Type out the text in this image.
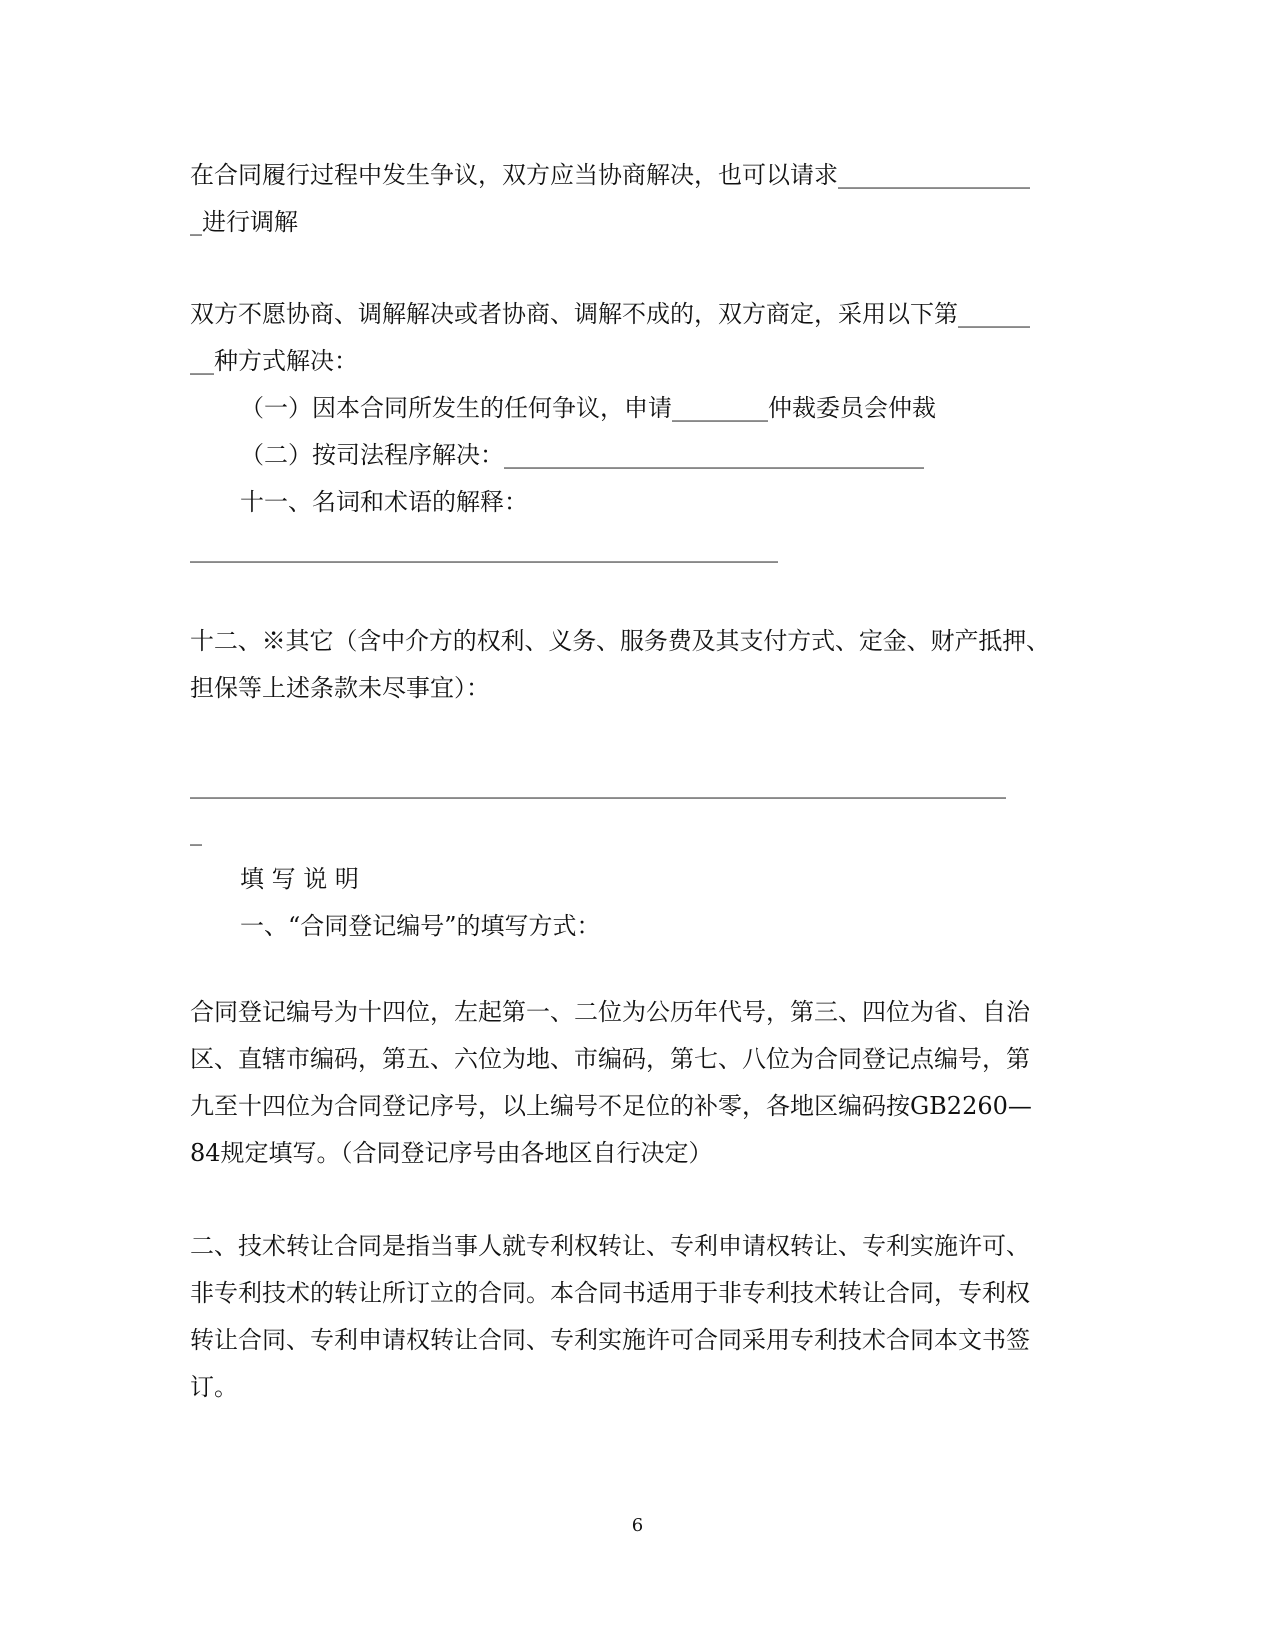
在合同履行过程中发生争议，双方应当协商解决，也可以请求________________

_进行调解

双方不愿协商、调解解决或者协商、调解不成的，双方商定，采用以下第______

__种方式解决：

（一）因本合同所发生的任何争议，申请________仲裁委员会仲裁

（二）按司法程序解决：___________________________________

十一、名词和术语的解释：

_________________________________________________

十二、※其它（含中介方的权利、义务、服务费及其支付方式、定金、财产抵押、

担保等上述条款未尽事宜）：

____________________________________________________________________

_

填 写 说 明

一、“合同登记编号”的填写方式：

合同登记编号为十四位，左起第一、二位为公历年代号，第三、四位为省、自治

区、直辖市编码，第五、六位为地、市编码，第七、八位为合同登记点编号，第

九至十四位为合同登记序号，以上编号不足位的补零，各地区编码按GB2260—

84规定填写。（合同登记序号由各地区自行决定）

二、技术转让合同是指当事人就专利权转让、专利申请权转让、专利实施许可、

非专利技术的转让所订立的合同。本合同书适用于非专利技术转让合同，专利权

转让合同、专利申请权转让合同、专利实施许可合同采用专利技术合同本文书签

订。

6
